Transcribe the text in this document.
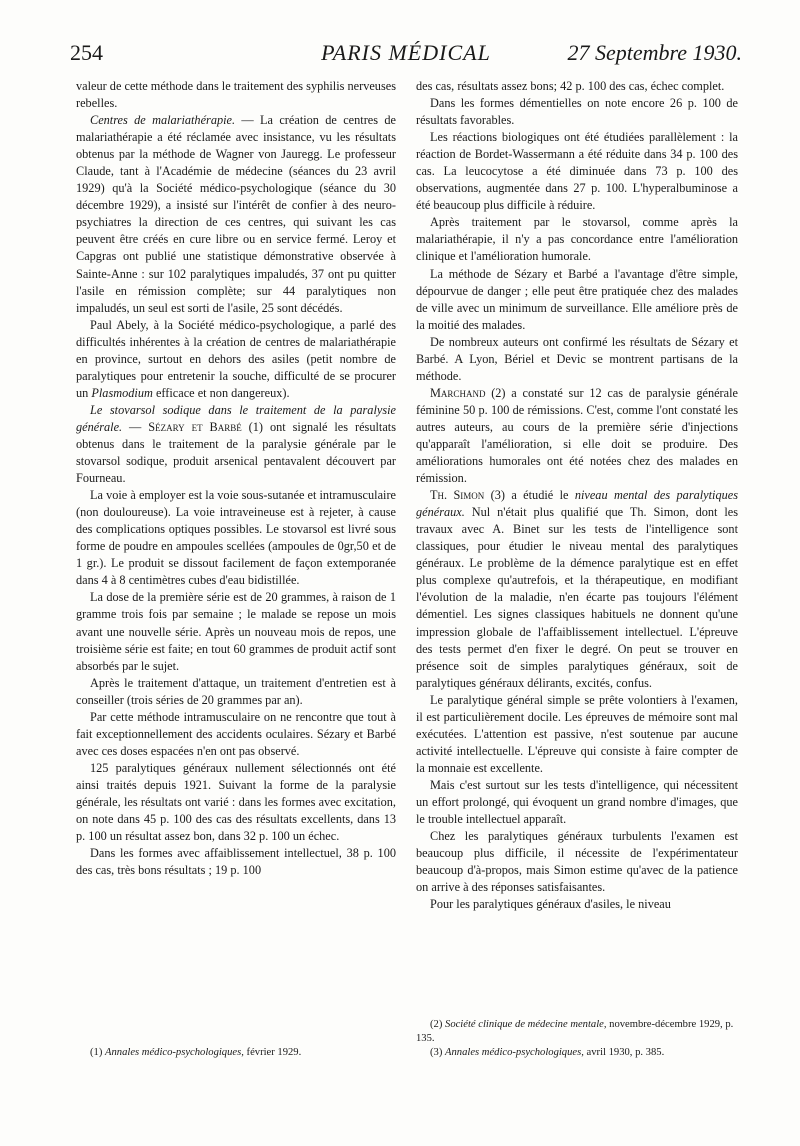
254	PARIS MÉDICAL	27 Septembre 1930.

valeur de cette méthode dans le traitement des syphilis nerveuses rebelles.

Centres de malariathérapie. — La création de centres de malariathérapie a été réclamée avec insistance, vu les résultats obtenus par la méthode de Wagner von Jauregg. Le professeur Claude, tant à l'Académie de médecine (séances du 23 avril 1929) qu'à la Société médico-psychologique (séance du 30 décembre 1929), a insisté sur l'intérêt de confier à des neuro-psychiatres la direction de ces centres, qui suivant les cas peuvent être créés en cure libre ou en service fermé. Leroy et Capgras ont publié une statistique démonstrative observée à Sainte-Anne : sur 102 paralytiques impaludés, 37 ont pu quitter l'asile en rémission complète; sur 44 paralytiques non impaludés, un seul est sorti de l'asile, 25 sont décédés.

Paul Abely, à la Société médico-psychologique, a parlé des difficultés inhérentes à la création de centres de malariathérapie en province, surtout en dehors des asiles (petit nombre de paralytiques pour entretenir la souche, difficulté de se procurer un Plasmodium efficace et non dangereux).

Le stovarsol sodique dans le traitement de la paralysie générale. — Sézary et Barbé (1) ont signalé les résultats obtenus dans le traitement de la paralysie générale par le stovarsol sodique, produit arsenical pentavalent découvert par Fourneau.

La voie à employer est la voie sous-sutanée et intramusculaire (non douloureuse). La voie intraveineuse est à rejeter, à cause des complications optiques possibles. Le stovarsol est livré sous forme de poudre en ampoules scellées (ampoules de 0gr,50 et de 1 gr.). Le produit se dissout facilement de façon extemporanée dans 4 à 8 centimètres cubes d'eau bidistillée.

La dose de la première série est de 20 grammes, à raison de 1 gramme trois fois par semaine ; le malade se repose un mois avant une nouvelle série. Après un nouveau mois de repos, une troisième série est faite; en tout 60 grammes de produit actif sont absorbés par le sujet.

Après le traitement d'attaque, un traitement d'entretien est à conseiller (trois séries de 20 grammes par an).

Par cette méthode intramusculaire on ne rencontre que tout à fait exceptionnellement des accidents oculaires. Sézary et Barbé avec ces doses espacées n'en ont pas observé.

125 paralytiques généraux nullement sélectionnés ont été ainsi traités depuis 1921. Suivant la forme de la paralysie générale, les résultats ont varié : dans les formes avec excitation, on note dans 45 p. 100 des cas des résultats excellents, dans 13 p. 100 un résultat assez bon, dans 32 p. 100 un échec.

Dans les formes avec affaiblissement intellectuel, 38 p. 100 des cas, très bons résultats ; 19 p. 100

des cas, résultats assez bons; 42 p. 100 des cas, échec complet.

Dans les formes démentielles on note encore 26 p. 100 de résultats favorables.

Les réactions biologiques ont été étudiées parallèlement : la réaction de Bordet-Wassermann a été réduite dans 34 p. 100 des cas. La leucocytose a été diminuée dans 73 p. 100 des observations, augmentée dans 27 p. 100. L'hyperalbuminose a été beaucoup plus difficile à réduire.

Après traitement par le stovarsol, comme après la malariathérapie, il n'y a pas concordance entre l'amélioration clinique et l'amélioration humorale.

La méthode de Sézary et Barbé a l'avantage d'être simple, dépourvue de danger ; elle peut être pratiquée chez des malades de ville avec un minimum de surveillance. Elle améliore près de la moitié des malades.

De nombreux auteurs ont confirmé les résultats de Sézary et Barbé. A Lyon, Bériel et Devic se montrent partisans de la méthode.

Marchand (2) a constaté sur 12 cas de paralysie générale féminine 50 p. 100 de rémissions. C'est, comme l'ont constaté les autres auteurs, au cours de la première série d'injections qu'apparaît l'amélioration, si elle doit se produire. Des améliorations humorales ont été notées chez des malades en rémission.

Th. Simon (3) a étudié le niveau mental des paralytiques généraux. Nul n'était plus qualifié que Th. Simon, dont les travaux avec A. Binet sur les tests de l'intelligence sont classiques, pour étudier le niveau mental des paralytiques généraux. Le problème de la démence paralytique est en effet plus complexe qu'autrefois, et la thérapeutique, en modifiant l'évolution de la maladie, n'en écarte pas toujours l'élément démentiel. Les signes classiques habituels ne donnent qu'une impression globale de l'affaiblissement intellectuel. L'épreuve des tests permet d'en fixer le degré. On peut se trouver en présence soit de simples paralytiques généraux, soit de paralytiques généraux délirants, excités, confus.

Le paralytique général simple se prête volontiers à l'examen, il est particulièrement docile. Les épreuves de mémoire sont mal exécutées. L'attention est passive, n'est soutenue par aucune activité intellectuelle. L'épreuve qui consiste à faire compter de la monnaie est excellente.

Mais c'est surtout sur les tests d'intelligence, qui nécessitent un effort prolongé, qui évoquent un grand nombre d'images, que le trouble intellectuel apparaît.

Chez les paralytiques généraux turbulents l'examen est beaucoup plus difficile, il nécessite de l'expérimentateur beaucoup d'à-propos, mais Simon estime qu'avec de la patience on arrive à des réponses satisfaisantes.

Pour les paralytiques généraux d'asiles, le niveau

(2) Société clinique de médecine mentale, novembre-décembre 1929, p. 135.

(3) Annales médico-psychologiques, avril 1930, p. 385.

(1) Annales médico-psychologiques, février 1929.
